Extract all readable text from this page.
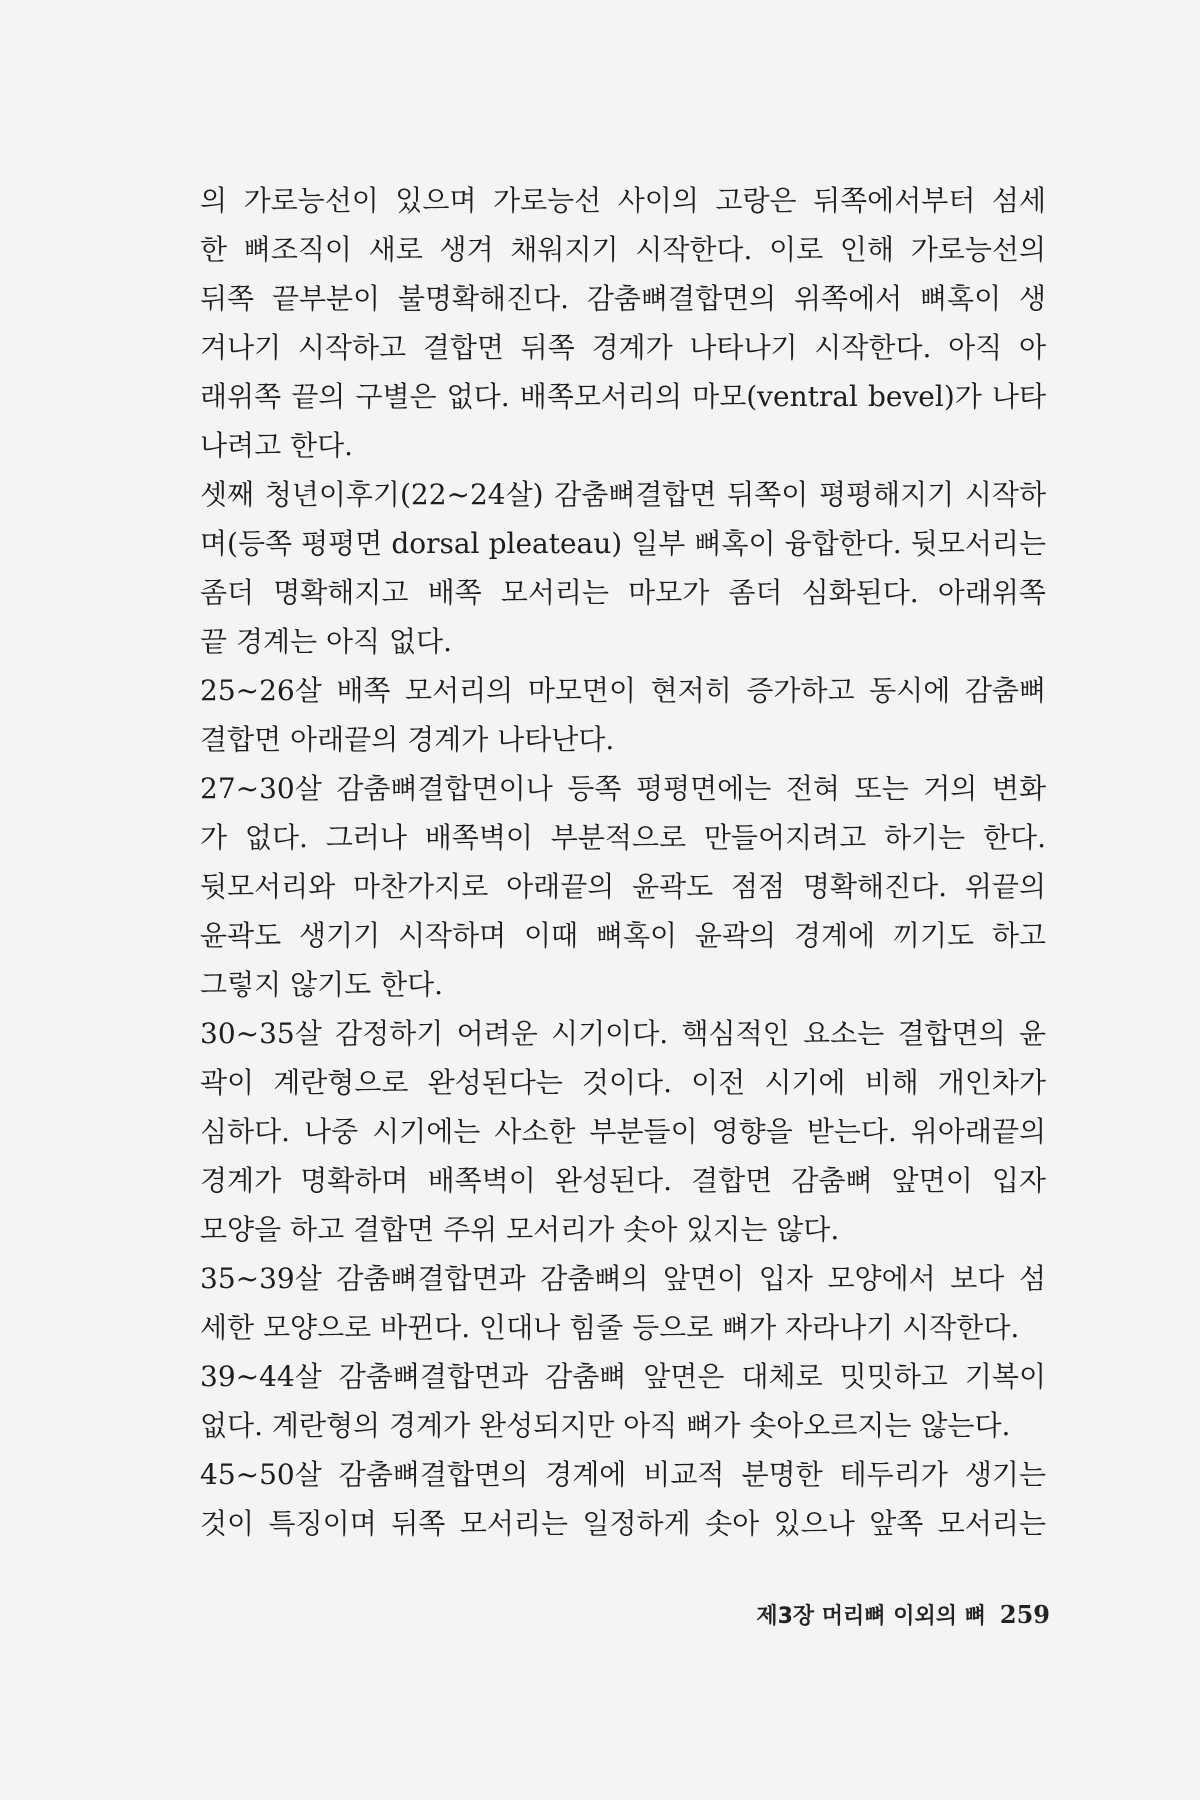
의 가로능선이 있으며 가로능선 사이의 고랑은 뒤쪽에서부터 섬세
한 뼈조직이 새로 생겨 채워지기 시작한다. 이로 인해 가로능선의
뒤쪽 끝부분이 불명확해진다. 감춤뼈결합면의 위쪽에서 뼈혹이 생
겨나기 시작하고 결합면 뒤쪽 경계가 나타나기 시작한다. 아직 아
래위쪽 끝의 구별은 없다. 배쪽모서리의 마모(ventral bevel)가 나타
나려고 한다.
셋째 청년이후기(22~24살) 감춤뼈결합면 뒤쪽이 평평해지기 시작하
며(등쪽 평평면 dorsal pleateau) 일부 뼈혹이 융합한다. 뒷모서리는
좀더 명확해지고 배쪽 모서리는 마모가 좀더 심화된다. 아래위쪽
끝 경계는 아직 없다.
25~26살 배쪽 모서리의 마모면이 현저히 증가하고 동시에 감춤뼈
결합면 아래끝의 경계가 나타난다.
27~30살 감춤뼈결합면이나 등쪽 평평면에는 전혀 또는 거의 변화
가 없다. 그러나 배쪽벽이 부분적으로 만들어지려고 하기는 한다.
뒷모서리와 마찬가지로 아래끝의 윤곽도 점점 명확해진다. 위끝의
윤곽도 생기기 시작하며 이때 뼈혹이 윤곽의 경계에 끼기도 하고
그렇지 않기도 한다.
30~35살 감정하기 어려운 시기이다. 핵심적인 요소는 결합면의 윤
곽이 계란형으로 완성된다는 것이다. 이전 시기에 비해 개인차가
심하다. 나중 시기에는 사소한 부분들이 영향을 받는다. 위아래끝의
경계가 명확하며 배쪽벽이 완성된다. 결합면 감춤뼈 앞면이 입자
모양을 하고 결합면 주위 모서리가 솟아 있지는 않다.
35~39살 감춤뼈결합면과 감춤뼈의 앞면이 입자 모양에서 보다 섬
세한 모양으로 바뀐다. 인대나 힘줄 등으로 뼈가 자라나기 시작한다.
39~44살 감춤뼈결합면과 감춤뼈 앞면은 대체로 밋밋하고 기복이
없다. 계란형의 경계가 완성되지만 아직 뼈가 솟아오르지는 않는다.
45~50살 감춤뼈결합면의 경계에 비교적 분명한 테두리가 생기는
것이 특징이며 뒤쪽 모서리는 일정하게 솟아 있으나 앞쪽 모서리는
제3장 머리뼈 이외의 뼈 259
